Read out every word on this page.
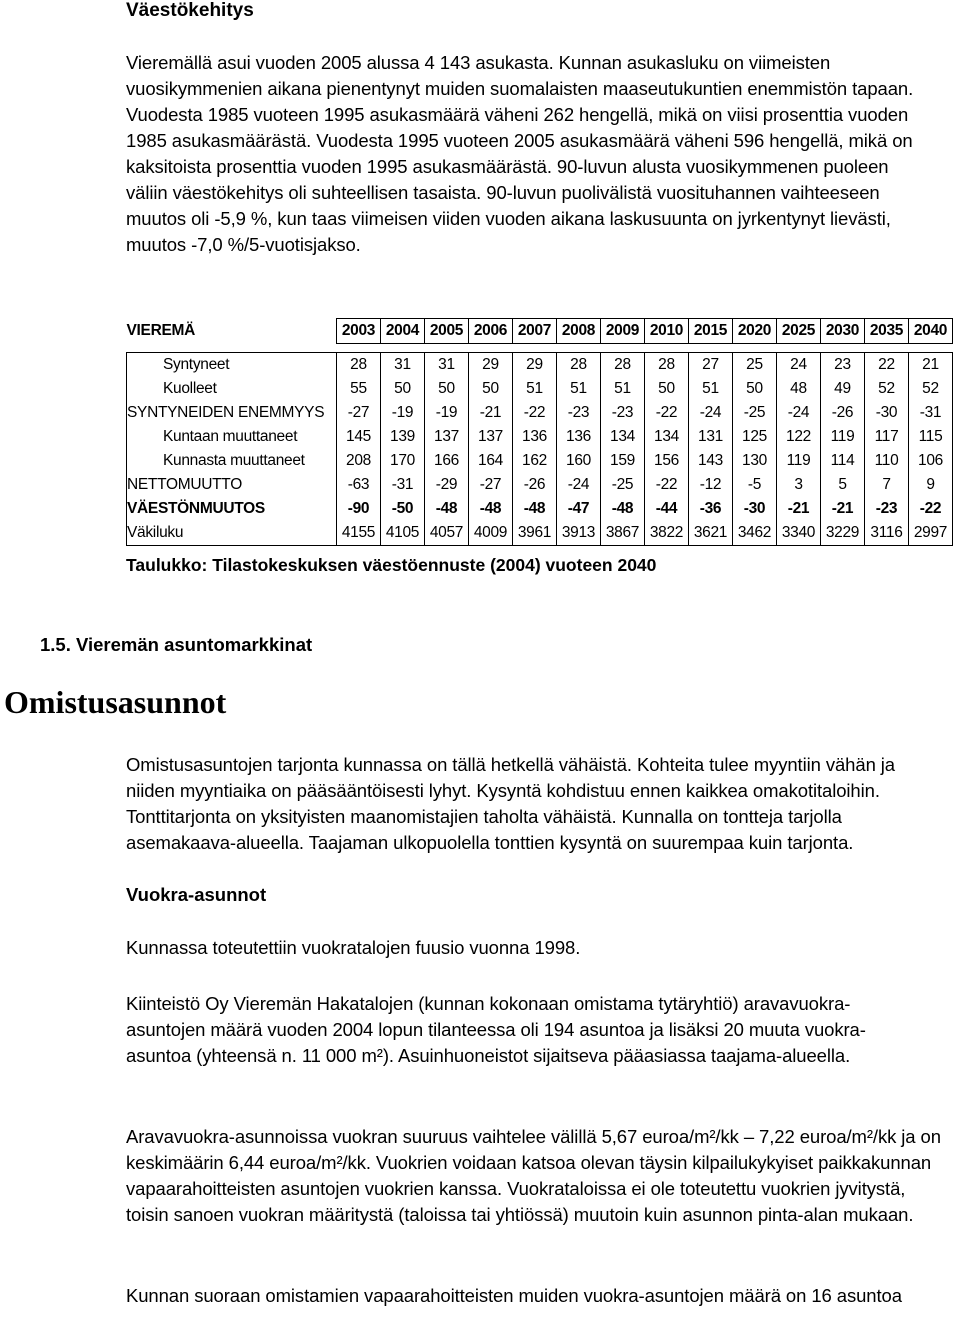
Väestökehitys

Vieremällä asui vuoden 2005 alussa 4 143 asukasta. Kunnan asukasluku on viimeisten vuosikymmenien aikana pienentynyt muiden suomalaisten maaseutukuntien enemmistön tapaan. Vuodesta 1985 vuoteen 1995 asukasmäärä väheni 262 hengellä, mikä on viisi prosenttia vuoden 1985 asukasmäärästä. Vuodesta 1995 vuoteen 2005 asukasmäärä väheni 596 hengellä, mikä on kaksitoista prosenttia vuoden 1995 asukasmäärästä. 90-luvun alusta vuosikymmenen puoleen väliin väestökehitys oli suhteellisen tasaista. 90-luvun puolivälistä vuosituhannen vaihteeseen muutos oli -5,9 %, kun taas viimeisen viiden vuoden aikana laskusuunta on jyrkentynyt lievästi, muutos -7,0 %/5-vuotisjakso.

VIEREMÄ	2003	2004	2005	2006	2007	2008	2009	2010	2015	2020	2025	2030	2035	2040

Syntyneet	28	31	31	29	29	28	28	28	27	25	24	23	22	21
Kuolleet	55	50	50	50	51	51	51	50	51	50	48	49	52	52
SYNTYNEIDEN ENEMMYYS	-27	-19	-19	-21	-22	-23	-23	-22	-24	-25	-24	-26	-30	-31
Kuntaan muuttaneet	145	139	137	137	136	136	134	134	131	125	122	119	117	115
Kunnasta muuttaneet	208	170	166	164	162	160	159	156	143	130	119	114	110	106
NETTOMUUTTO	-63	-31	-29	-27	-26	-24	-25	-22	-12	-5	3	5	7	9
VÄESTÖNMUUTOS	-90	-50	-48	-48	-48	-47	-48	-44	-36	-30	-21	-21	-23	-22
Väkiluku	4155	4105	4057	4009	3961	3913	3867	3822	3621	3462	3340	3229	3116	2997
Taulukko: Tilastokeskuksen väestöennuste (2004) vuoteen 2040
1.5. Vieremän asuntomarkkinat
Omistusasunnot

Omistusasuntojen tarjonta kunnassa on tällä hetkellä vähäistä. Kohteita tulee myyntiin vähän ja niiden myyntiaika on pääsääntöisesti lyhyt. Kysyntä kohdistuu ennen kaikkea omakotitaloihin. Tonttitarjonta on yksityisten maanomistajien taholta vähäistä. Kunnalla on tontteja tarjolla asemakaava-alueella. Taajaman ulkopuolella tonttien kysyntä on suurempaa kuin tarjonta.

Vuokra-asunnot

Kunnassa toteutettiin vuokratalojen fuusio vuonna 1998.

Kiinteistö Oy Vieremän Hakatalojen (kunnan kokonaan omistama tytäryhtiö) aravavuokra-asuntojen määrä vuoden 2004 lopun tilanteessa oli 194 asuntoa ja lisäksi 20 muuta vuokra-asuntoa (yhteensä n. 11 000 m²). Asuinhuoneistot sijaitseva pääasiassa taajama-alueella.

Aravavuokra-asunnoissa vuokran suuruus vaihtelee välillä 5,67 euroa/m²/kk – 7,22 euroa/m²/kk ja on keskimäärin 6,44 euroa/m²/kk. Vuokrien voidaan katsoa olevan täysin kilpailukykyiset paikkakunnan vapaarahoitteisten asuntojen vuokrien kanssa. Vuokrataloissa ei ole toteutettu vuokrien jyvitystä, toisin sanoen vuokran määritystä (taloissa tai yhtiössä) muutoin kuin asunnon pinta-alan mukaan.

Kunnan suoraan omistamien vapaarahoitteisten muiden vuokra-asuntojen määrä on 16 asuntoa
